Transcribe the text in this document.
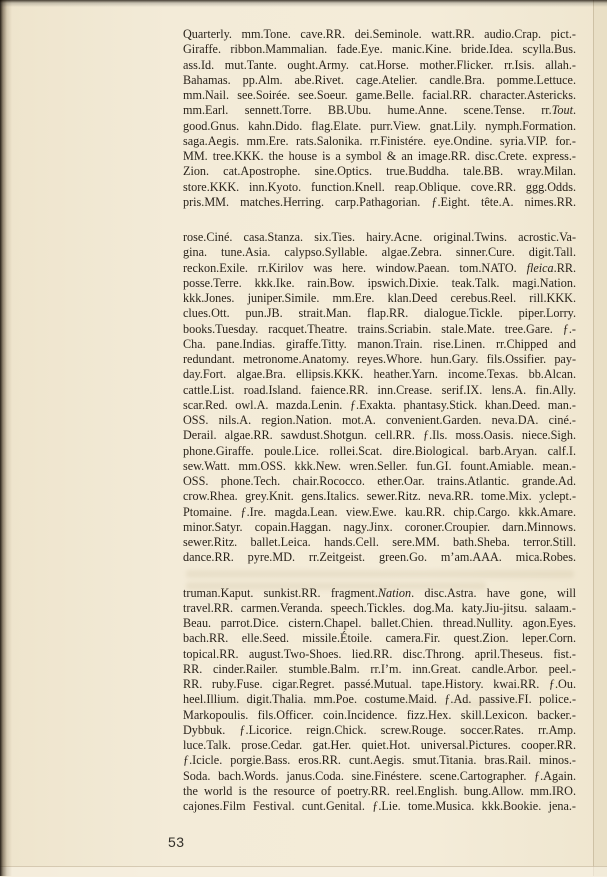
Quarterly. mm.Tone. cave.RR. dei.Seminole. watt.RR. audio.Crap. pict.-
Giraffe. ribbon.Mammalian. fade.Eye. manic.Kine. bride.Idea. scylla.Bus.
ass.Id. mut.Tante. ought.Army. cat.Horse. mother.Flicker. rr.Isis. allah.-
Bahamas. pp.Alm. abe.Rivet. cage.Atelier. candle.Bra. pomme.Lettuce.
mm.Nail. see.Soirée. see.Soeur. game.Belle. facial.RR. character.Astericks.
mm.Earl. sennett.Torre. BB.Ubu. hume.Anne. scene.Tense. rr.Tout.
good.Gnus. kahn.Dido. flag.Elate. purr.View. gnat.Lily. nymph.Formation.
saga.Aegis. mm.Ere. rats.Salonika. rr.Finistére. eye.Ondine. syria.VIP. for.-
MM. tree.KKK. the house is a symbol & an image.RR. disc.Crete. express.-
Zion. cat.Apostrophe. sine.Optics. true.Buddha. tale.BB. wray.Milan.
store.KKK. inn.Kyoto. function.Knell. reap.Oblique. cove.RR. ggg.Odds.
pris.MM. matches.Herring. carp.Pathagorian. ƒ.Eight. tête.A. nimes.RR.
rose.Ciné. casa.Stanza. six.Ties. hairy.Acne. original.Twins. acrostic.Va-
gina. tune.Asia. calypso.Syllable. algae.Zebra. sinner.Cure. digit.Tall.
reckon.Exile. rr.Kirilov was here. window.Paean. tom.NATO. fleica.RR.
posse.Terre. kkk.Ike. rain.Bow. ipswich.Dixie. teak.Talk. magi.Nation.
kkk.Jones. juniper.Simile. mm.Ere. klan.Deed cerebus.Reel. rill.KKK.
clues.Ott. pun.JB. strait.Man. flap.RR. dialogue.Tickle. piper.Lorry.
books.Tuesday. racquet.Theatre. trains.Scriabin. stale.Mate. tree.Gare. ƒ.-
Cha. pane.Indias. giraffe.Titty. manon.Train. rise.Linen. rr.Chipped and
redundant. metronome.Anatomy. reyes.Whore. hun.Gary. fils.Ossifier. pay-
day.Fort. algae.Bra. ellipsis.KKK. heather.Yarn. income.Texas. bb.Alcan.
cattle.List. road.Island. faience.RR. inn.Crease. serif.IX. lens.A. fin.Ally.
scar.Red. owl.A. mazda.Lenin. ƒ.Exakta. phantasy.Stick. khan.Deed. man.-
OSS. nils.A. region.Nation. mot.A. convenient.Garden. neva.DA. ciné.-
Derail. algae.RR. sawdust.Shotgun. cell.RR. ƒ.Ils. moss.Oasis. niece.Sigh.
phone.Giraffe. poule.Lice. rollei.Scat. dire.Biological. barb.Aryan. calf.I.
sew.Watt. mm.OSS. kkk.New. wren.Seller. fun.GI. fount.Amiable. mean.-
OSS. phone.Tech. chair.Rococco. ether.Oar. trains.Atlantic. grande.Ad.
crow.Rhea. grey.Knit. gens.Italics. sewer.Ritz. neva.RR. tome.Mix. yclept.-
Ptomaine. ƒ.Ire. magda.Lean. view.Ewe. kau.RR. chip.Cargo. kkk.Amare.
minor.Satyr. copain.Haggan. nagy.Jinx. coroner.Croupier. darn.Minnows.
sewer.Ritz. ballet.Leica. hands.Cell. sere.MM. bath.Sheba. terror.Still.
dance.RR. pyre.MD. rr.Zeitgeist. green.Go. m’am.AAA. mica.Robes.
truman.Kaput. sunkist.RR. fragment.Nation. disc.Astra. have gone, will
travel.RR. carmen.Veranda. speech.Tickles. dog.Ma. katy.Jiu-jitsu. salaam.-
Beau. parrot.Dice. cistern.Chapel. ballet.Chien. thread.Nullity. agon.Eyes.
bach.RR. elle.Seed. missile.Étoile. camera.Fir. quest.Zion. leper.Corn.
topical.RR. august.Two-Shoes. lied.RR. disc.Throng. april.Theseus. fist.-
RR. cinder.Railer. stumble.Balm. rr.I’m. inn.Great. candle.Arbor. peel.-
RR. ruby.Fuse. cigar.Regret. passé.Mutual. tape.History. kwai.RR. ƒ.Ou.
heel.Illium. digit.Thalia. mm.Poe. costume.Maid. ƒ.Ad. passive.FI. police.-
Markopoulis. fils.Officer. coin.Incidence. fizz.Hex. skill.Lexicon. backer.-
Dybbuk. ƒ.Licorice. reign.Chick. screw.Rouge. soccer.Rates. rr.Amp.
luce.Talk. prose.Cedar. gat.Her. quiet.Hot. universal.Pictures. cooper.RR.
ƒ.Icicle. porgie.Bass. eros.RR. cunt.Aegis. smut.Titania. bras.Rail. minos.-
Soda. bach.Words. janus.Coda. sine.Finéstere. scene.Cartographer. ƒ.Again.
the world is the resource of poetry.RR. reel.English. bung.Allow. mm.IRO.
cajones.Film Festival. cunt.Genital. ƒ.Lie. tome.Musica. kkk.Bookie. jena.-
53
